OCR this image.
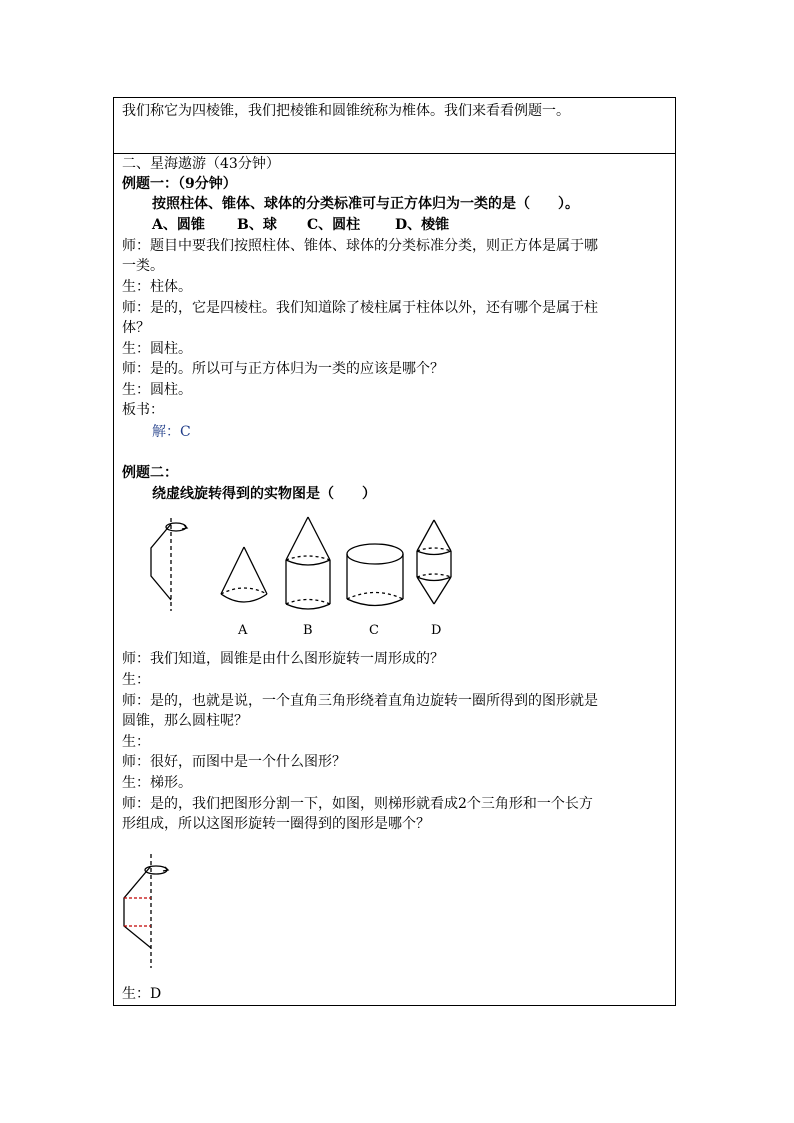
我们称它为四棱锥，我们把棱锥和圆锥统称为椎体。我们来看看例题一。
二、星海遨游（43分钟）
例题一：（9分钟）
按照柱体、锥体、球体的分类标准可与正方体归为一类的是（　　）。
A、圆锥	B、球	C、圆柱	D、棱锥
师：题目中要我们按照柱体、锥体、球体的分类标准分类，则正方体是属于哪
一类。
生：柱体。
师：是的，它是四棱柱。我们知道除了棱柱属于柱体以外，还有哪个是属于柱
体？
生：圆柱。
师：是的。所以可与正方体归为一类的应该是哪个？
生：圆柱。
板书：
解：C
例题二：
绕虚线旋转得到的实物图是（　　）
A	B	C	D
师：我们知道，圆锥是由什么图形旋转一周形成的？
生：
师：是的，也就是说，一个直角三角形绕着直角边旋转一圈所得到的图形就是
圆锥，那么圆柱呢？
生：
师：很好，而图中是一个什么图形？
生：梯形。
师：是的，我们把图形分割一下，如图，则梯形就看成2个三角形和一个长方
形组成，所以这图形旋转一圈得到的图形是哪个？
生：D
